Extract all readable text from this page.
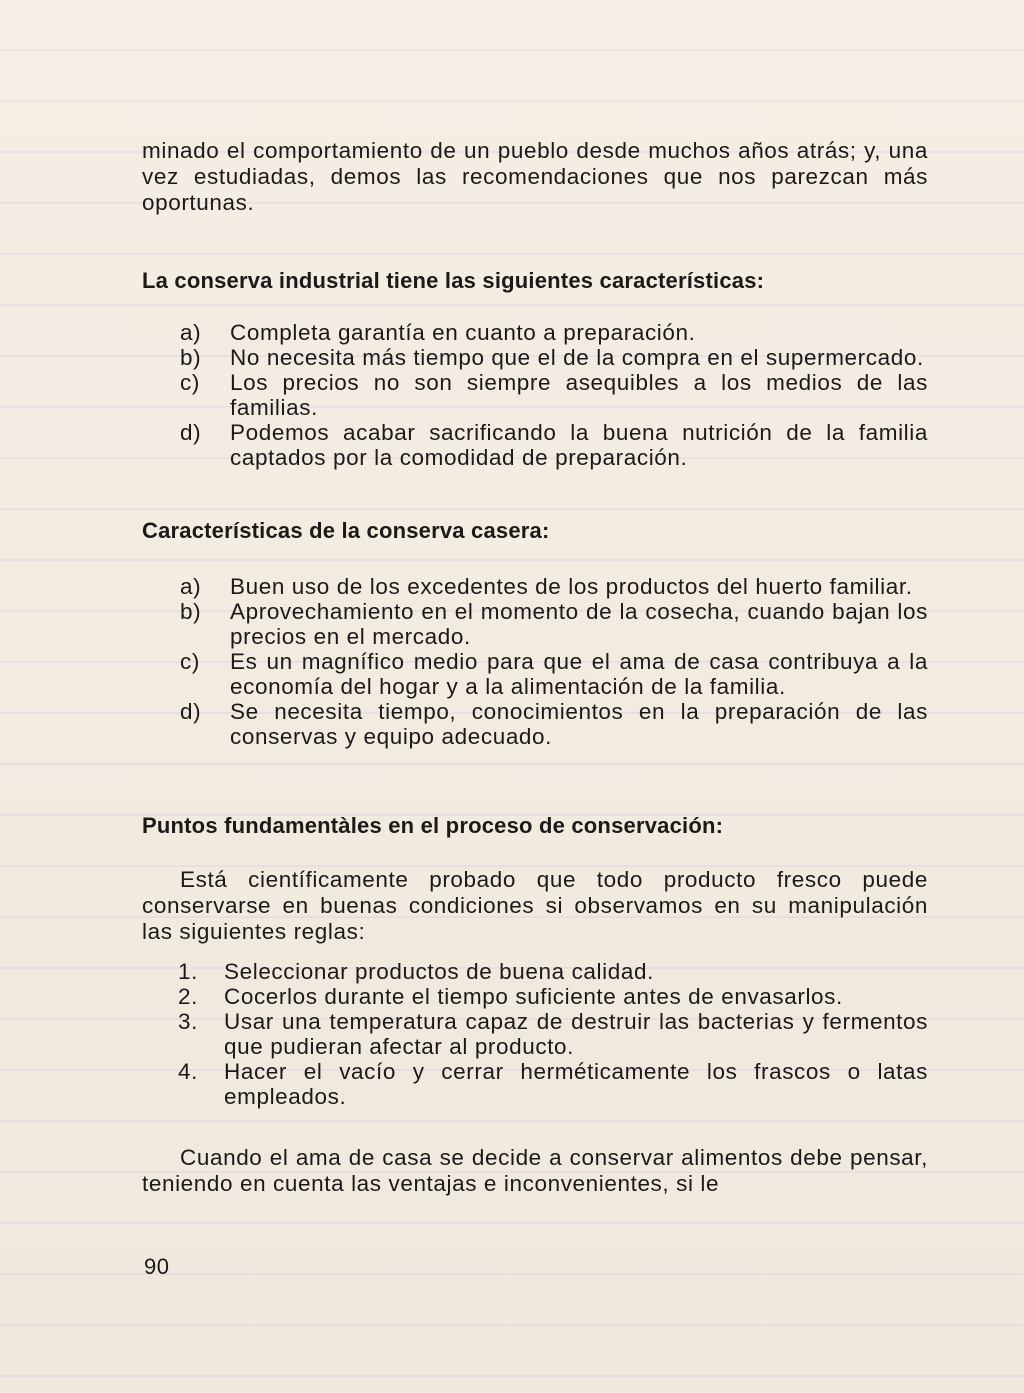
minado el comportamiento de un pueblo desde muchos años atrás; y, una vez estudiadas, demos las recomendaciones que nos parezcan más oportunas.

La conserva industrial tiene las siguientes características:
a)	Completa garantía en cuanto a preparación.
b)	No necesita más tiempo que el de la compra en el supermercado.
c)	Los precios no son siempre asequibles a los medios de las familias.
d)	Podemos acabar sacrificando la buena nutrición de la familia captados por la comodidad de preparación.
Características de la conserva casera:
a)	Buen uso de los excedentes de los productos del huerto familiar.
b)	Aprovechamiento en el momento de la cosecha, cuando bajan los precios en el mercado.
c)	Es un magnífico medio para que el ama de casa contribuya a la economía del hogar y a la alimentación de la familia.
d)	Se necesita tiempo, conocimientos en la preparación de las conservas y equipo adecuado.
Puntos fundamentàles en el proceso de conservación:

Está científicamente probado que todo producto fresco puede conservarse en buenas condiciones si observamos en su manipulación las siguientes reglas:

1.	Seleccionar productos de buena calidad.
2.	Cocerlos durante el tiempo suficiente antes de envasarlos.
3.	Usar una temperatura capaz de destruir las bacterias y fermentos que pudieran afectar al producto.
4.	Hacer el vacío y cerrar herméticamente los frascos o latas empleados.

Cuando el ama de casa se decide a conservar alimentos debe pensar, teniendo en cuenta las ventajas e inconvenientes, si le

90
